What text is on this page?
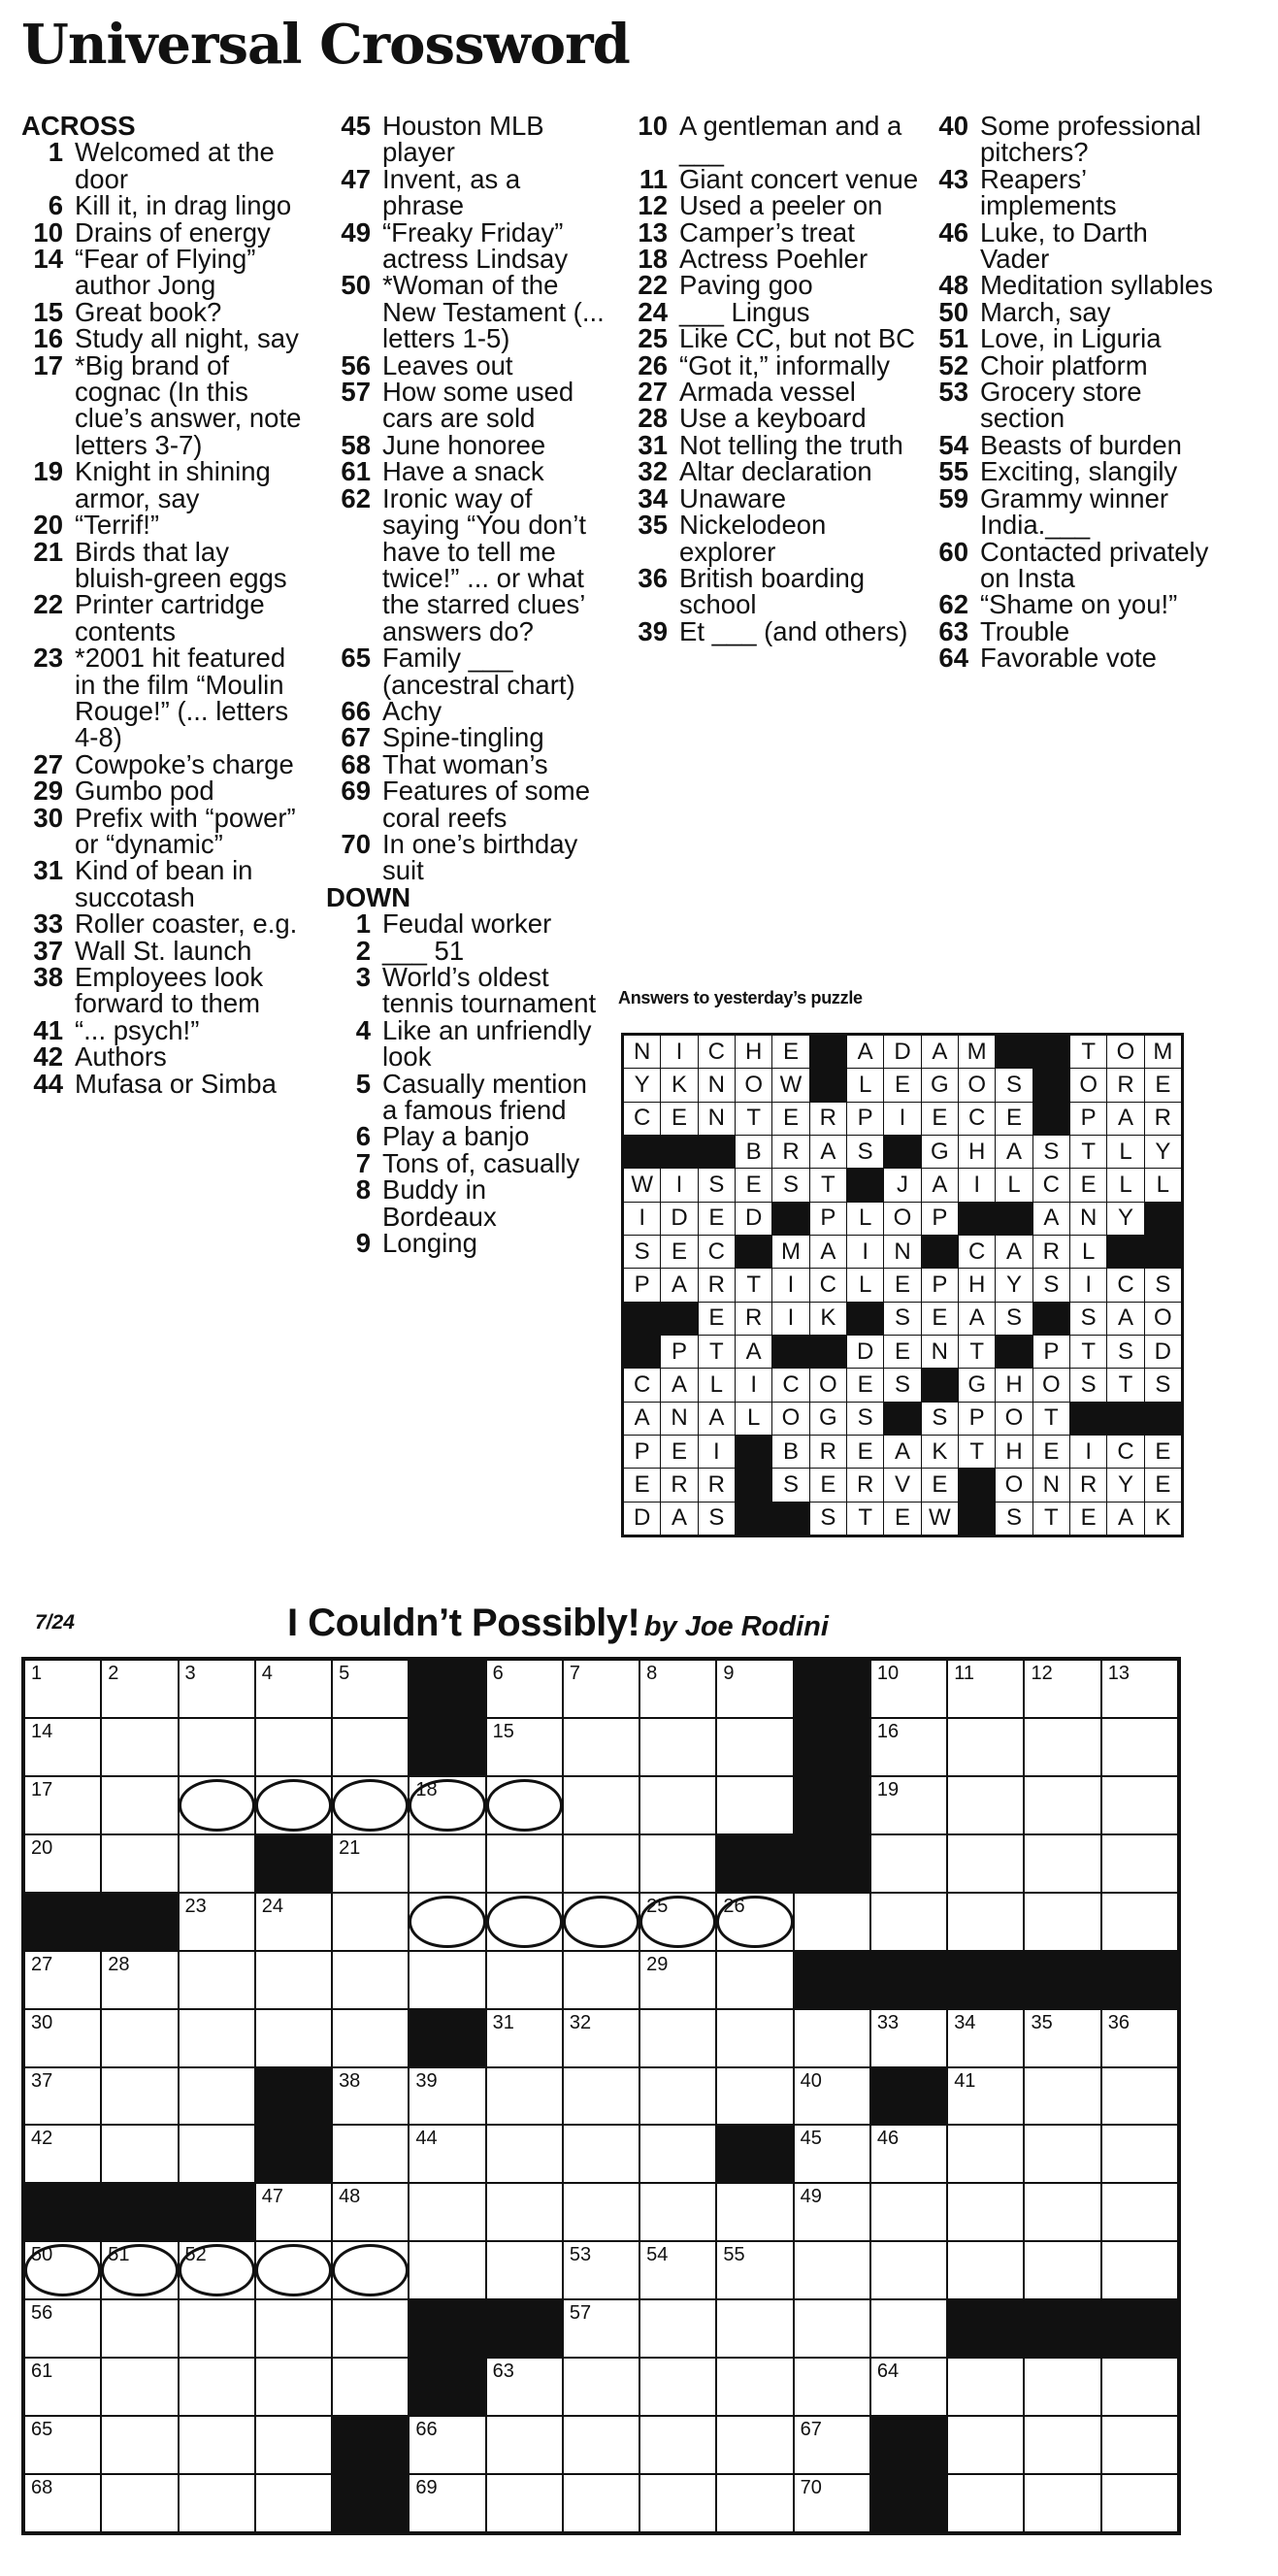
Universal Crossword
ACROSS
1 Welcomed at the door
6 Kill it, in drag lingo
10 Drains of energy
14 “Fear of Flying” author Jong
15 Great book?
16 Study all night, say
17 *Big brand of cognac (In this clue’s answer, note letters 3-7)
19 Knight in shining armor, say
20 “Terrif!”
21 Birds that lay bluish-green eggs
22 Printer cartridge contents
23 *2001 hit featured in the film “Moulin Rouge!” (... letters 4-8)
27 Cowpoke’s charge
29 Gumbo pod
30 Prefix with “power” or “dynamic”
31 Kind of bean in succotash
33 Roller coaster, e.g.
37 Wall St. launch
38 Employees look forward to them
41 “... psych!”
42 Authors
44 Mufasa or Simba
45 Houston MLB player
47 Invent, as a phrase
49 “Freaky Friday” actress Lindsay
50 *Woman of the New Testament (... letters 1-5)
56 Leaves out
57 How some used cars are sold
58 June honoree
61 Have a snack
62 Ironic way of saying “You don’t have to tell me twice!” ... or what the starred clues’ answers do?
65 Family ___ (ancestral chart)
66 Achy
67 Spine-tingling
68 That woman’s
69 Features of some coral reefs
70 In one’s birthday suit
DOWN
1 Feudal worker
2 ___ 51
3 World’s oldest tennis tournament
4 Like an unfriendly look
5 Casually mention a famous friend
6 Play a banjo
7 Tons of, casually
8 Buddy in Bordeaux
9 Longing
10 A gentleman and a ___
11 Giant concert venue
12 Used a peeler on
13 Camper’s treat
18 Actress Poehler
22 Paving goo
24 ___ Lingus
25 Like CC, but not BC
26 “Got it,” informally
27 Armada vessel
28 Use a keyboard
31 Not telling the truth
32 Altar declaration
34 Unaware
35 Nickelodeon explorer
36 British boarding school
39 Et ___ (and others)
40 Some professional pitchers?
43 Reapers’ implements
46 Luke, to Darth Vader
48 Meditation syllables
50 March, say
51 Love, in Liguria
52 Choir platform
53 Grocery store section
54 Beasts of burden
55 Exciting, slangily
59 Grammy winner India.___
60 Contacted privately on Insta
62 “Shame on you!”
63 Trouble
64 Favorable vote
Answers to yesterday’s puzzle
N	I	C H E	A D A M	T O M
Y K N O W	L E G O S	O R E
C E N T E R P	I	E C E	P A R
B R A S	G H A S T	L Y
W I	S E S T	J	A	I	L C E L	L
I	D E D	P L O P	A N Y
S E C	M A	I	N	C A R L
P A R T	I	C L E P H Y S	I	C S
E R	I	K	S E A S	S A O
P T A	D E N T	P T S D
C A L	I	C O E S	G H O S T S
A N A L O G S	S P O T
P E	I	B R E A K T H E	I	C E
E R R	S E R V E	O N R Y E
D A S	S T E W	S T E A K
7/24	I Couldn’t Possibly! by Joe Rodini
1	2	3	4	5	6	7	8	9	10	11	12	13
14	15	16
17	18	19
20	21
23	24	25	26
27	28	29
30	31	32	33	34	35	36
37	38	39	40	41
42	44	45	46
47	48	49
50	51	52	53	54	55
56	57
61	63	64
65	66	67
68	69	70
